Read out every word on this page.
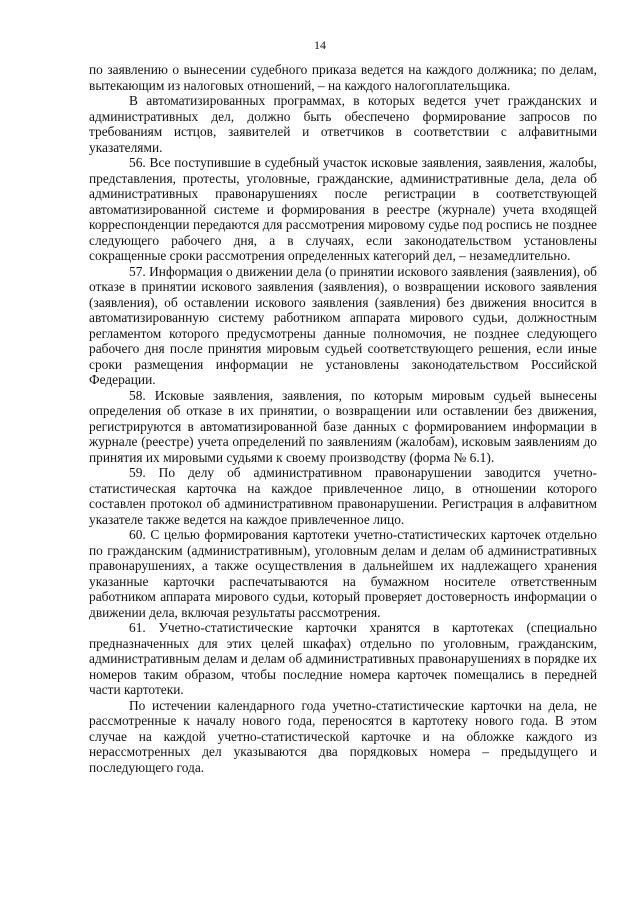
14

по заявлению о вынесении судебного приказа ведется на каждого должника; по делам, вытекающим из налоговых отношений, – на каждого налогоплательщика.

В автоматизированных программах, в которых ведется учет гражданских и административных дел, должно быть обеспечено формирование запросов по требованиям истцов, заявителей и ответчиков в соответствии с алфавитными указателями.

56. Все поступившие в судебный участок исковые заявления, заявления, жалобы, представления, протесты, уголовные, гражданские, административные дела, дела об административных правонарушениях после регистрации в соответствующей автоматизированной системе и формирования в реестре (журнале) учета входящей корреспонденции передаются для рассмотрения мировому судье под роспись не позднее следующего рабочего дня, а в случаях, если законодательством установлены сокращенные сроки рассмотрения определенных категорий дел, – незамедлительно.

57. Информация о движении дела (о принятии искового заявления (заявления), об отказе в принятии искового заявления (заявления), о возвращении искового заявления (заявления), об оставлении искового заявления (заявления) без движения вносится в автоматизированную систему работником аппарата мирового судьи, должностным регламентом которого предусмотрены данные полномочия, не позднее следующего рабочего дня после принятия мировым судьей соответствующего решения, если иные сроки размещения информации не установлены законодательством Российской Федерации.

58. Исковые заявления, заявления, по которым мировым судьей вынесены определения об отказе в их принятии, о возвращении или оставлении без движения, регистрируются в автоматизированной базе данных с формированием информации в журнале (реестре) учета определений по заявлениям (жалобам), исковым заявлениям до принятия их мировыми судьями к своему производству (форма № 6.1).

59. По делу об административном правонарушении заводится учетно-статистическая карточка на каждое привлеченное лицо, в отношении которого составлен протокол об административном правонарушении. Регистрация в алфавитном указателе также ведется на каждое привлеченное лицо.

60. С целью формирования картотеки учетно-статистических карточек отдельно по гражданским (административным), уголовным делам и делам об административных правонарушениях, а также осуществления в дальнейшем их надлежащего хранения указанные карточки распечатываются на бумажном носителе ответственным работником аппарата мирового судьи, который проверяет достоверность информации о движении дела, включая результаты рассмотрения.

61. Учетно-статистические карточки хранятся в картотеках (специально предназначенных для этих целей шкафах) отдельно по уголовным, гражданским, административным делам и делам об административных правонарушениях в порядке их номеров таким образом, чтобы последние номера карточек помещались в передней части картотеки.

По истечении календарного года учетно-статистические карточки на дела, не рассмотренные к началу нового года, переносятся в картотеку нового года. В этом случае на каждой учетно-статистической карточке и на обложке каждого из нерассмотренных дел указываются два порядковых номера – предыдущего и последующего года.
